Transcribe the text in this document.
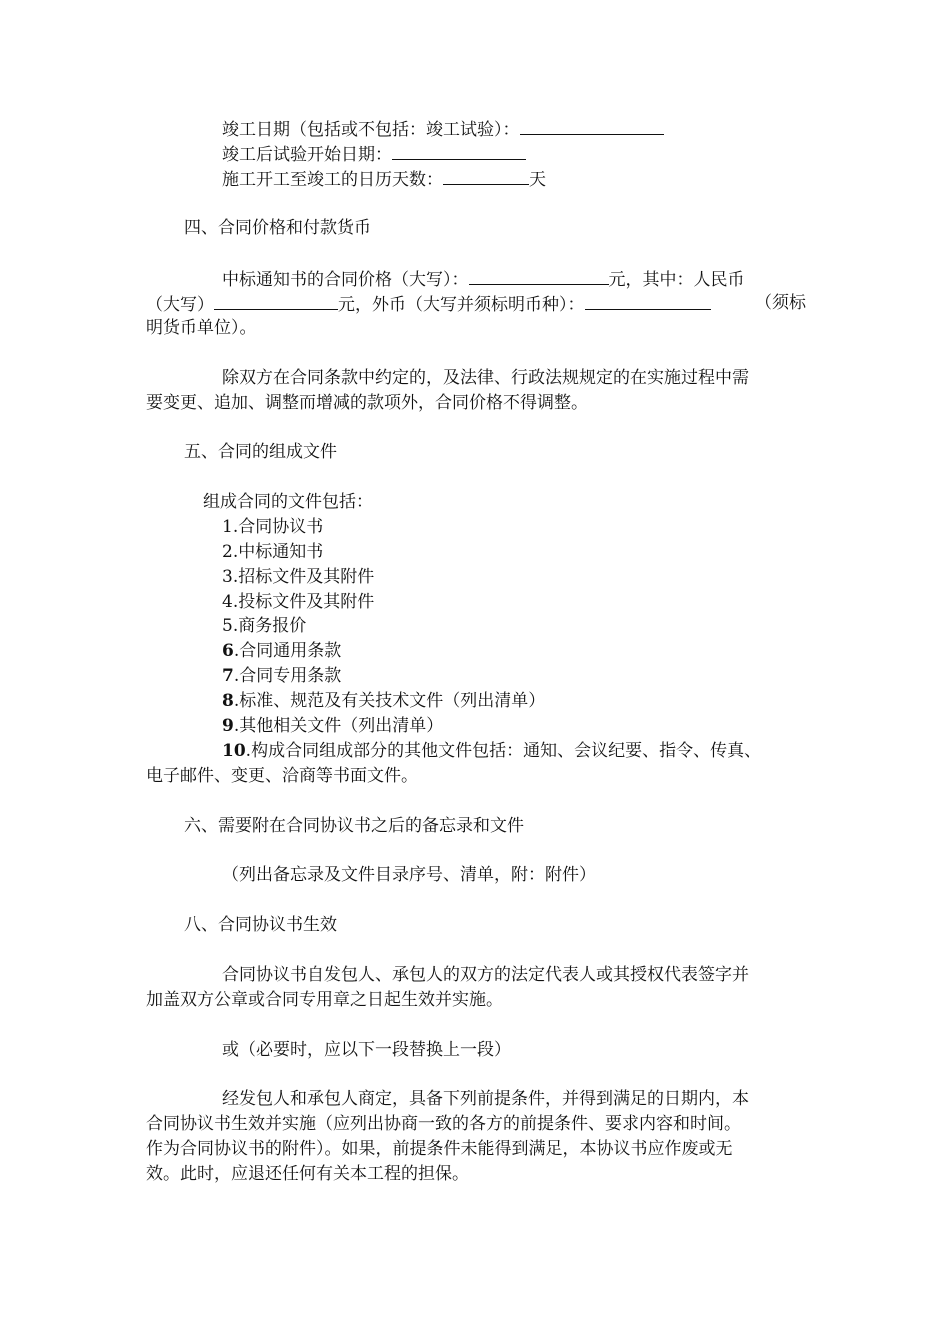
竣工日期（包括或不包括：竣工试验）：
竣工后试验开始日期：
施工开工至竣工的日历天数：	天
四、合同价格和付款货币
中标通知书的合同价格（大写）：	元，其中：人民币
（大写）	元，外币（大写并须标明币种）：	（须标
明货币单位）。
除双方在合同条款中约定的，及法律、行政法规规定的在实施过程中需
要变更、追加、调整而增减的款项外，合同价格不得调整。
五、合同的组成文件
组成合同的文件包括：
1.合同协议书
2.中标通知书
3.招标文件及其附件
4.投标文件及其附件
5.商务报价
6.合同通用条款
7.合同专用条款
8.标准、规范及有关技术文件（列出清单）
9.其他相关文件（列出清单）
10.构成合同组成部分的其他文件包括：通知、会议纪要、指令、传真、
电子邮件、变更、洽商等书面文件。
六、需要附在合同协议书之后的备忘录和文件
（列出备忘录及文件目录序号、清单，附：附件）
八、合同协议书生效
合同协议书自发包人、承包人的双方的法定代表人或其授权代表签字并
加盖双方公章或合同专用章之日起生效并实施。
或（必要时，应以下一段替换上一段）
经发包人和承包人商定，具备下列前提条件，并得到满足的日期内，本
合同协议书生效并实施（应列出协商一致的各方的前提条件、要求内容和时间。
作为合同协议书的附件）。如果，前提条件未能得到满足，本协议书应作废或无
效。此时，应退还任何有关本工程的担保。
